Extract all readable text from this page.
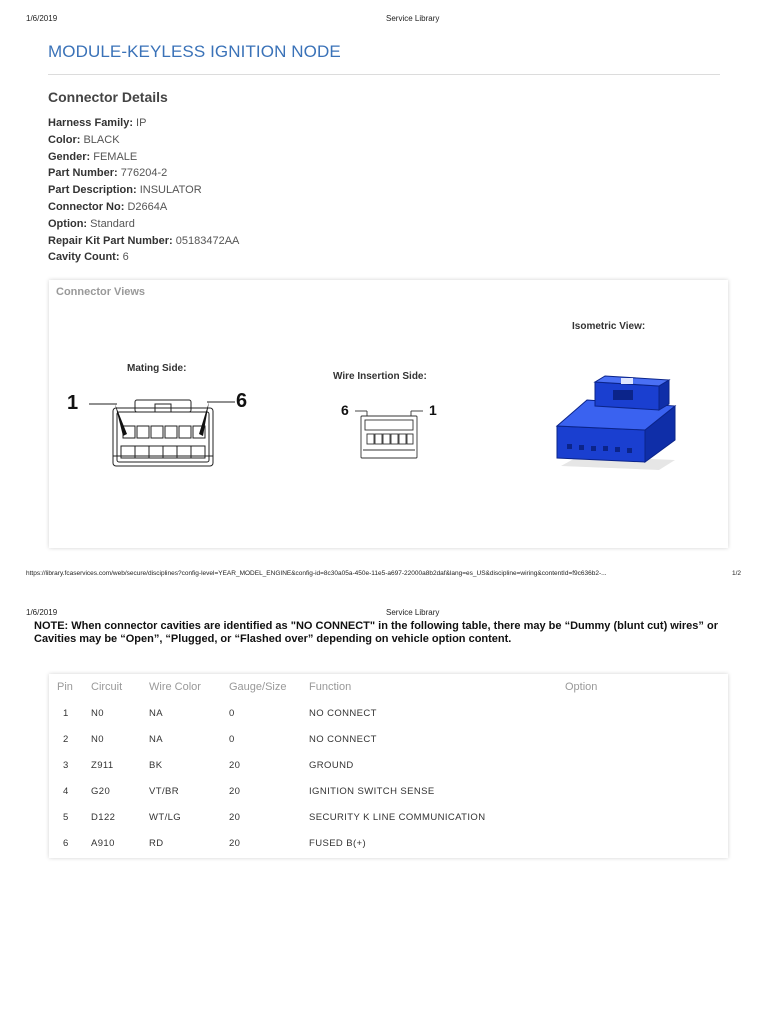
1/6/2019	Service Library
MODULE-KEYLESS IGNITION NODE
Connector Details
Harness Family: IP
Color: BLACK
Gender: FEMALE
Part Number: 776204-2
Part Description: INSULATOR
Connector No: D2664A
Option: Standard
Repair Kit Part Number: 05183472AA
Cavity Count: 6
Connector Views
Mating Side:
1	6
Wire Insertion Side:
6	1
Isometric View:
https://library.fcaservices.com/web/secure/disciplines?config-level=YEAR_MODEL_ENGINE&config-id=8c30a05a-450e-11e5-a697-22000a8b2daf&lang=es_US&discipline=wiring&contentId=f9c636b2-...	1/2
1/6/2019	Service Library
NOTE: When connector cavities are identified as "NO CONNECT" in the following table, there may be “Dummy (blunt cut) wires” or Cavities may be “Open”, “Plugged, or “Flashed over” depending on vehicle option content.
Pin	Circuit	Wire Color	Gauge/Size	Function	Option
1	N0	NA	0	NO CONNECT	
2	N0	NA	0	NO CONNECT	
3	Z911	BK	20	GROUND	
4	G20	VT/BR	20	IGNITION SWITCH SENSE	
5	D122	WT/LG	20	SECURITY K LINE COMMUNICATION	
6	A910	RD	20	FUSED B(+)	
